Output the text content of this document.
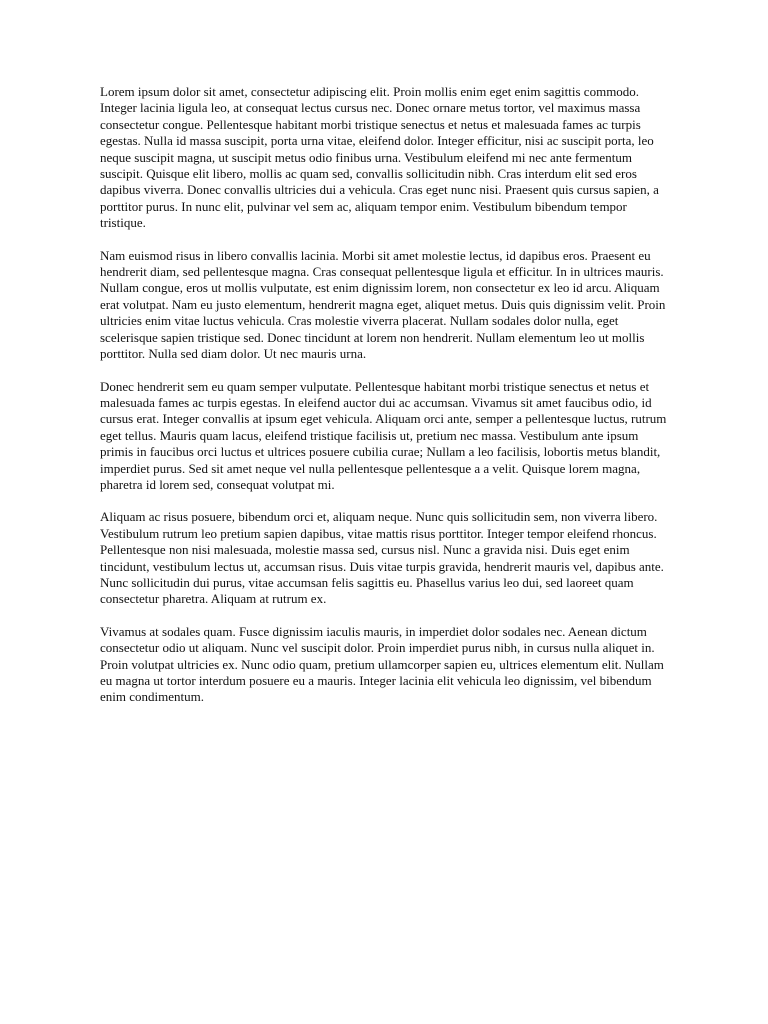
Lorem ipsum dolor sit amet, consectetur adipiscing elit. Proin mollis enim eget enim sagittis commodo. Integer lacinia ligula leo, at consequat lectus cursus nec. Donec ornare metus tortor, vel maximus massa consectetur congue. Pellentesque habitant morbi tristique senectus et netus et malesuada fames ac turpis egestas. Nulla id massa suscipit, porta urna vitae, eleifend dolor. Integer efficitur, nisi ac suscipit porta, leo neque suscipit magna, ut suscipit metus odio finibus urna. Vestibulum eleifend mi nec ante fermentum suscipit. Quisque elit libero, mollis ac quam sed, convallis sollicitudin nibh. Cras interdum elit sed eros dapibus viverra. Donec convallis ultricies dui a vehicula. Cras eget nunc nisi. Praesent quis cursus sapien, a porttitor purus. In nunc elit, pulvinar vel sem ac, aliquam tempor enim. Vestibulum bibendum tempor tristique.

Nam euismod risus in libero convallis lacinia. Morbi sit amet molestie lectus, id dapibus eros. Praesent eu hendrerit diam, sed pellentesque magna. Cras consequat pellentesque ligula et efficitur. In in ultrices mauris. Nullam congue, eros ut mollis vulputate, est enim dignissim lorem, non consectetur ex leo id arcu. Aliquam erat volutpat. Nam eu justo elementum, hendrerit magna eget, aliquet metus. Duis quis dignissim velit. Proin ultricies enim vitae luctus vehicula. Cras molestie viverra placerat. Nullam sodales dolor nulla, eget scelerisque sapien tristique sed. Donec tincidunt at lorem non hendrerit. Nullam elementum leo ut mollis porttitor. Nulla sed diam dolor. Ut nec mauris urna.

Donec hendrerit sem eu quam semper vulputate. Pellentesque habitant morbi tristique senectus et netus et malesuada fames ac turpis egestas. In eleifend auctor dui ac accumsan. Vivamus sit amet faucibus odio, id cursus erat. Integer convallis at ipsum eget vehicula. Aliquam orci ante, semper a pellentesque luctus, rutrum eget tellus. Mauris quam lacus, eleifend tristique facilisis ut, pretium nec massa. Vestibulum ante ipsum primis in faucibus orci luctus et ultrices posuere cubilia curae; Nullam a leo facilisis, lobortis metus blandit, imperdiet purus. Sed sit amet neque vel nulla pellentesque pellentesque a a velit. Quisque lorem magna, pharetra id lorem sed, consequat volutpat mi.

Aliquam ac risus posuere, bibendum orci et, aliquam neque. Nunc quis sollicitudin sem, non viverra libero. Vestibulum rutrum leo pretium sapien dapibus, vitae mattis risus porttitor. Integer tempor eleifend rhoncus. Pellentesque non nisi malesuada, molestie massa sed, cursus nisl. Nunc a gravida nisi. Duis eget enim tincidunt, vestibulum lectus ut, accumsan risus. Duis vitae turpis gravida, hendrerit mauris vel, dapibus ante. Nunc sollicitudin dui purus, vitae accumsan felis sagittis eu. Phasellus varius leo dui, sed laoreet quam consectetur pharetra. Aliquam at rutrum ex.

Vivamus at sodales quam. Fusce dignissim iaculis mauris, in imperdiet dolor sodales nec. Aenean dictum consectetur odio ut aliquam. Nunc vel suscipit dolor. Proin imperdiet purus nibh, in cursus nulla aliquet in. Proin volutpat ultricies ex. Nunc odio quam, pretium ullamcorper sapien eu, ultrices elementum elit. Nullam eu magna ut tortor interdum posuere eu a mauris. Integer lacinia elit vehicula leo dignissim, vel bibendum enim condimentum.
